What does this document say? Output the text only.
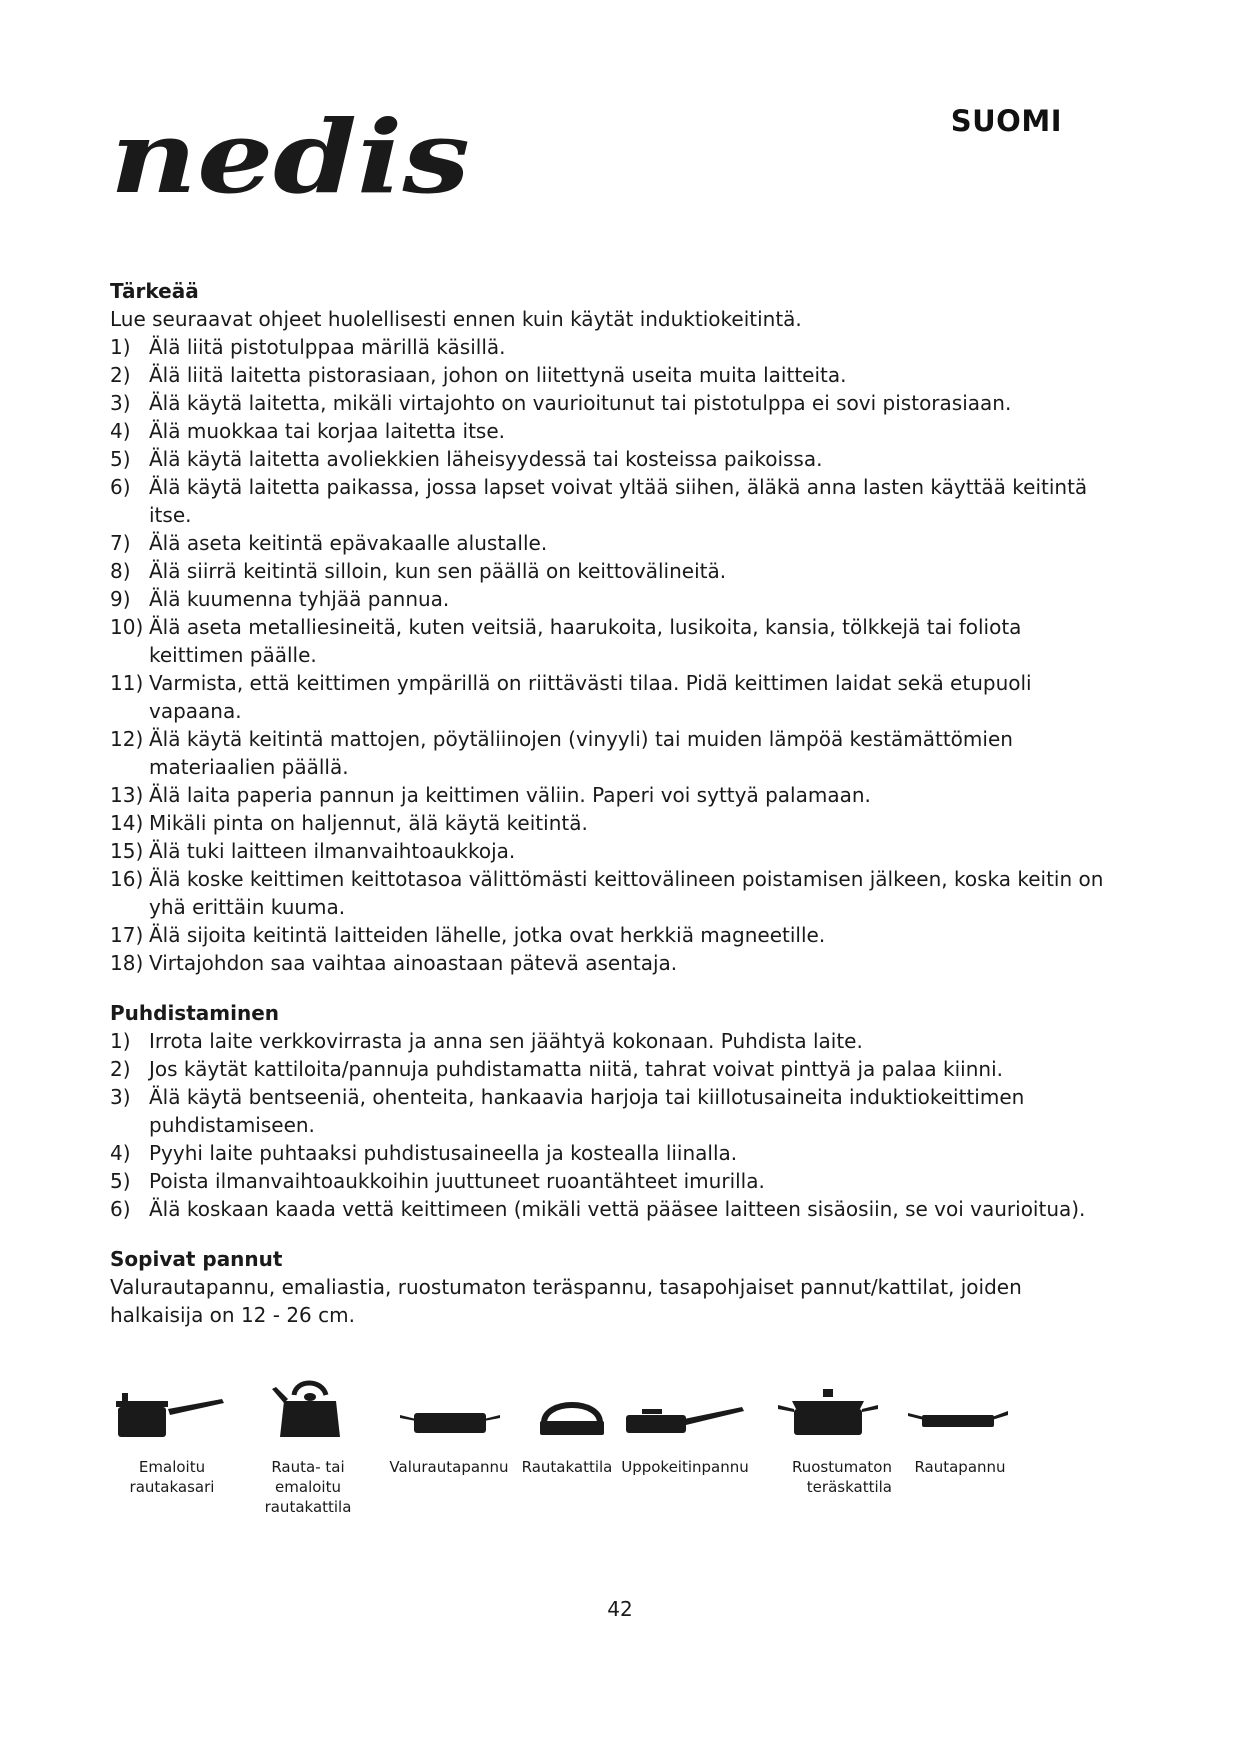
nedis	SUOMI
Tärkeää

Lue seuraavat ohjeet huolellisesti ennen kuin käytät induktiokeitintä.

1) Älä liitä pistotulppaa märillä käsillä.
2) Älä liitä laitetta pistorasiaan, johon on liitettynä useita muita laitteita.
3) Älä käytä laitetta, mikäli virtajohto on vaurioitunut tai pistotulppa ei sovi pistorasiaan.
4) Älä muokkaa tai korjaa laitetta itse.
5) Älä käytä laitetta avoliekkien läheisyydessä tai kosteissa paikoissa.
6) Älä käytä laitetta paikassa, jossa lapset voivat yltää siihen, äläkä anna lasten käyttää keitintä itse.
7) Älä aseta keitintä epävakaalle alustalle.
8) Älä siirrä keitintä silloin, kun sen päällä on keittovälineitä.
9) Älä kuumenna tyhjää pannua.
10) Älä aseta metalliesineitä, kuten veitsiä, haarukoita, lusikoita, kansia, tölkkejä tai foliota keittimen päälle.
11) Varmista, että keittimen ympärillä on riittävästi tilaa. Pidä keittimen laidat sekä etupuoli vapaana.
12) Älä käytä keitintä mattojen, pöytäliinojen (vinyyli) tai muiden lämpöä kestämättömien materiaalien päällä.
13) Älä laita paperia pannun ja keittimen väliin. Paperi voi syttyä palamaan.
14) Mikäli pinta on haljennut, älä käytä keitintä.
15) Älä tuki laitteen ilmanvaihtoaukkoja.
16) Älä koske keittimen keittotasoa välittömästi keittovälineen poistamisen jälkeen, koska keitin on yhä erittäin kuuma.
17) Älä sijoita keitintä laitteiden lähelle, jotka ovat herkkiä magneetille.
18) Virtajohdon saa vaihtaa ainoastaan pätevä asentaja.
Puhdistaminen
1) Irrota laite verkkovirrasta ja anna sen jäähtyä kokonaan. Puhdista laite.
2) Jos käytät kattiloita/pannuja puhdistamatta niitä, tahrat voivat pinttyä ja palaa kiinni.
3) Älä käytä bentseeniä, ohenteita, hankaavia harjoja tai kiillotusaineita induktiokeittimen puhdistamiseen.
4) Pyyhi laite puhtaaksi puhdistusaineella ja kostealla liinalla.
5) Poista ilmanvaihtoaukkoihin juuttuneet ruoantähteet imurilla.
6) Älä koskaan kaada vettä keittimeen (mikäli vettä pääsee laitteen sisäosiin, se voi vaurioitua).
Sopivat pannut

Valurautapannu, emaliastia, ruostumaton teräspannu, tasapohjaiset pannut/kattilat, joiden halkaisija on 12 - 26 cm.

Emaloitu rautakasari
Rauta- tai emaloitu rautakattila
Valurautapannu Rautakattila Uppokeitinpannu	Ruostumaton teräskattila
Rautapannu
42
